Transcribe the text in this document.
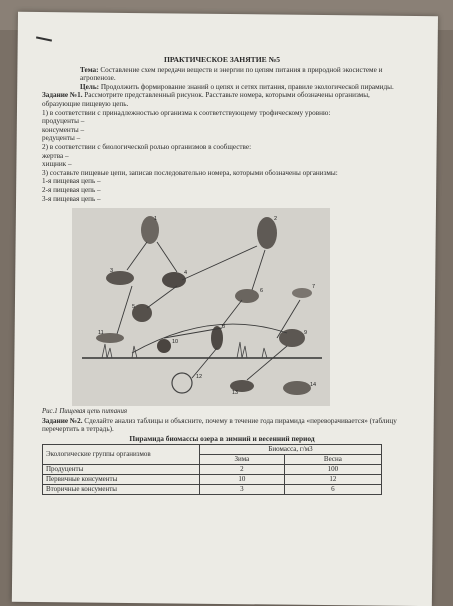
ПРАКТИЧЕСКОЕ ЗАНЯТИЕ №5

Тема: Составление схем передачи веществ и энергии по цепям питания в природной экосистеме и агропенозе.

Цель: Продолжить формирование знаний о цепях и сетях питания, правиле экологической пирамиды.

Задание №1. Рассмотрите представленный рисунок. Расставьте номера, которыми обозначены организмы, образующие пищевую цепь.

1) в соответствии с принадлежностью организма к соответствующему трофическому уровню:

продуценты –

консументы –

редуценты –

2) в соответствии с биологической ролью организмов в сообществе:

жертва –

хищник –

3) составьте пищевые цепи, записав последовательно номера, которыми обозначены организмы:

1-я пищевая цепь –

2-я пищевая цепь –

3-я пищевая цепь –

1	2
3	4
5
6
7
8
9
10
11
12
13
14
Рис.1 Пищевая цепь питания

Задание №2. Сделайте анализ таблицы и объясните, почему в течение года пирамида «переворачивается» (таблицу перечертить в тетрадь).

Пирамида биомассы озера в зимний и весенний период
Экологические группы организмов	Биомасса, г/м3	
	Зима	Весна
Продуценты	2	100
Первичные консументы	10	12
Вторичные консументы	3	6
